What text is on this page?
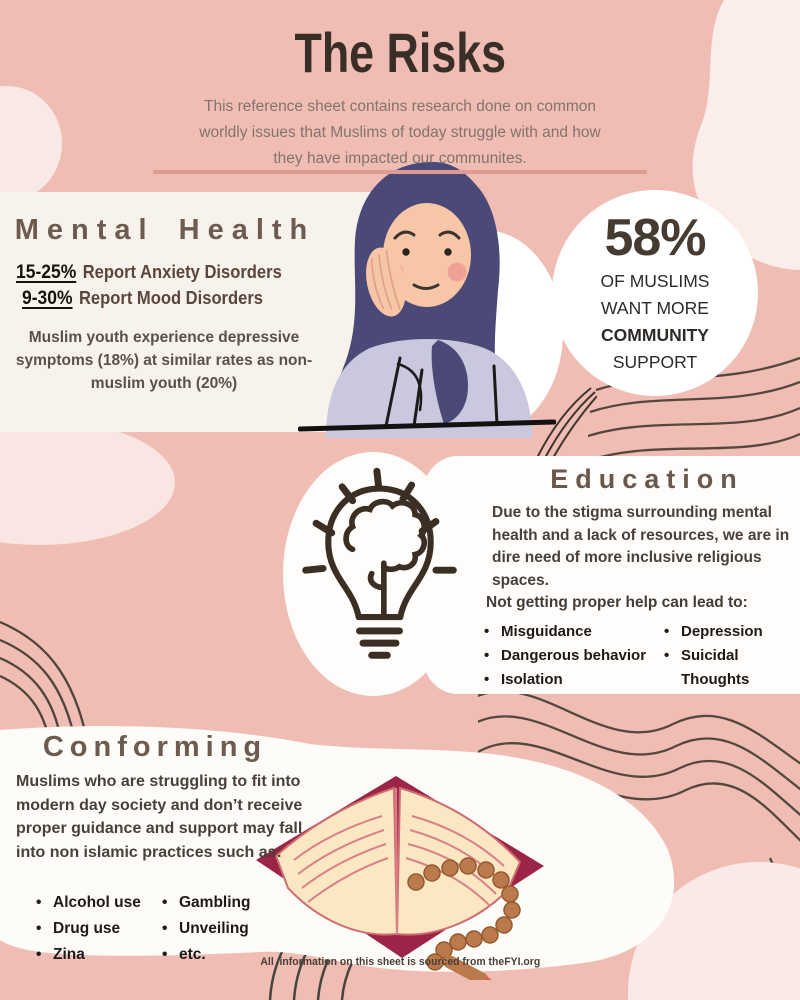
The Risks
This reference sheet contains research done on common
worldly issues that Muslims of today struggle with and how
they have impacted our communites.
Mental Health
15-25% Report Anxiety Disorders
9-30% Report Mood Disorders
Muslim youth experience depressive symptoms (18%) at similar rates as non-muslim youth (20%)
58%
OF MUSLIMS
WANT MORE
COMMUNITY
SUPPORT
Education
Due to the stigma surrounding mental health and a lack of resources, we are in dire need of more inclusive religious spaces.
Not getting proper help can lead to:
• Misguidance
• Dangerous behavior
• Isolation
• Depression
• Suicidal Thoughts
Conforming
Muslims who are struggling to fit into modern day society and don’t receive proper guidance and support may fall into non islamic practices such as:
• Alcohol use
• Drug use
• Zina
• Gambling
• Unveiling
• etc.	All  information on this sheet is sourced from theFYI.org
